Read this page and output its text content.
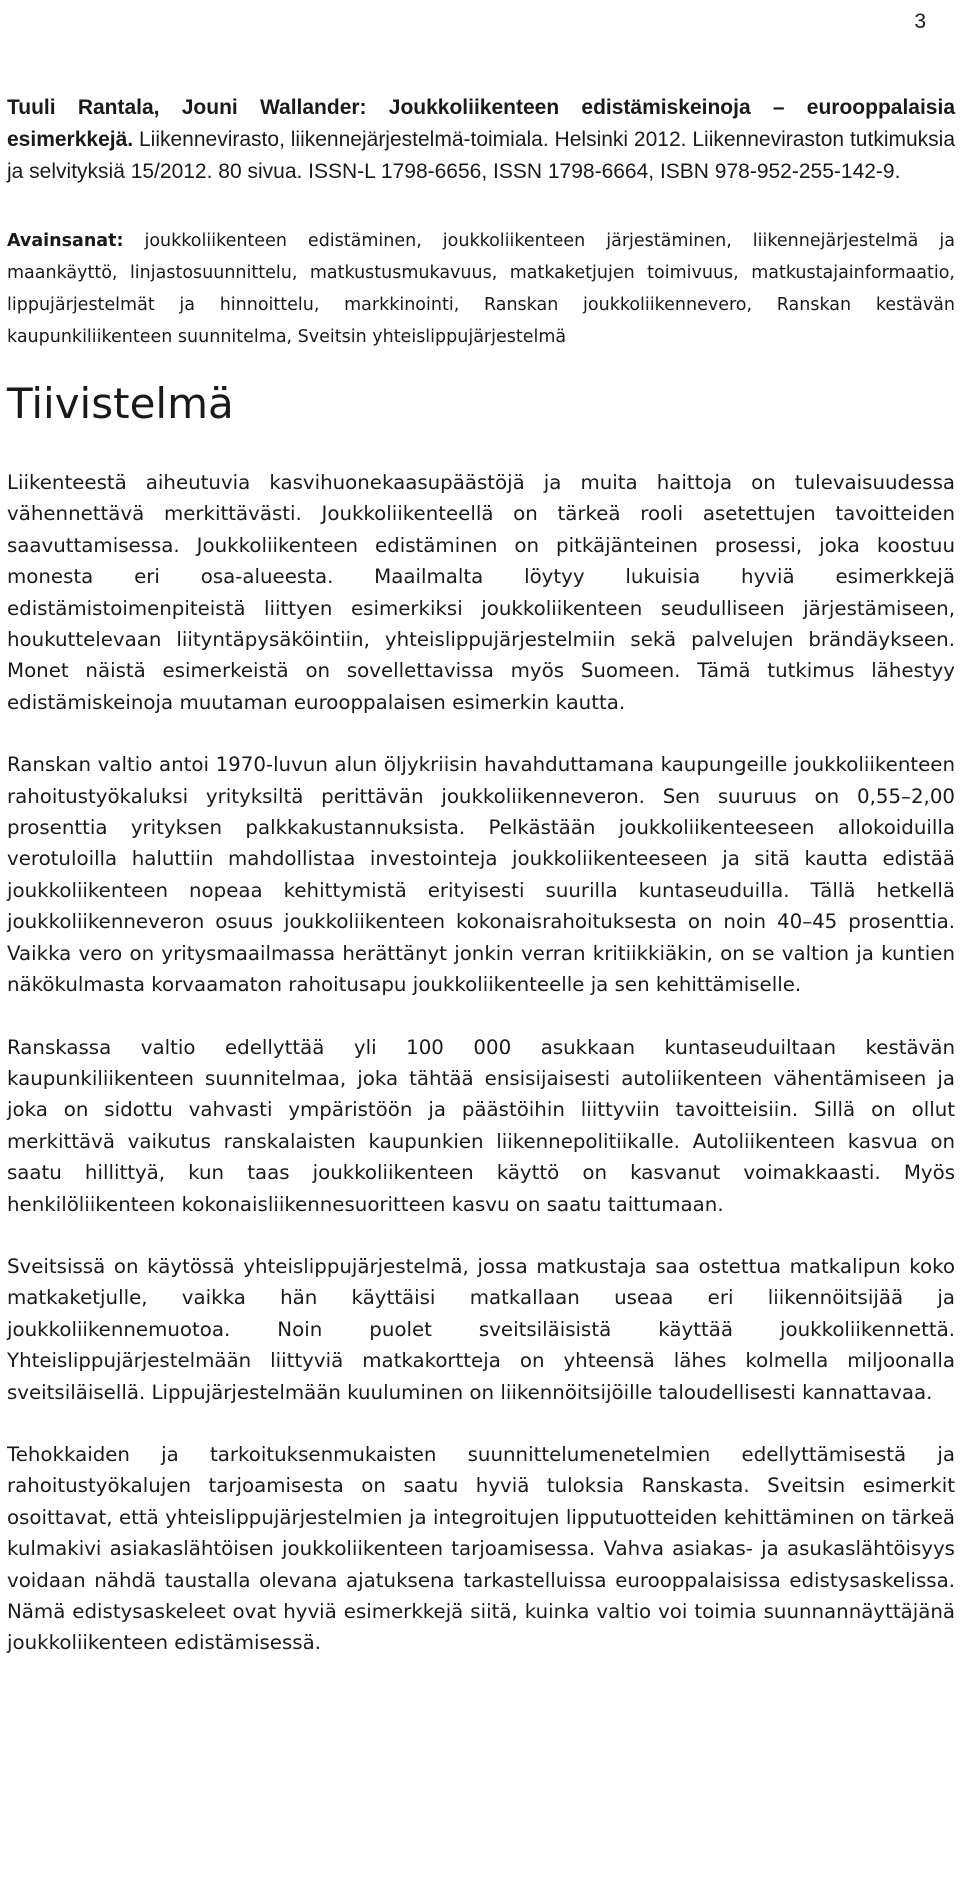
3

Tuuli Rantala, Jouni Wallander: Joukkoliikenteen edistämiskeinoja – eurooppalaisia esimerkkejä. Liikennevirasto, liikennejärjestelmä-toimiala. Helsinki 2012. Liikenneviraston tutkimuksia ja selvityksiä 15/2012. 80 sivua. ISSN-L 1798-6656, ISSN 1798-6664, ISBN 978-952-255-142-9.

Avainsanat: joukkoliikenteen edistäminen, joukkoliikenteen järjestäminen, liikennejärjestelmä ja maankäyttö, linjastosuunnittelu, matkustusmukavuus, matkaketjujen toimivuus, matkustajainformaatio, lippujärjestelmät ja hinnoittelu, markkinointi, Ranskan joukkoliikennevero, Ranskan kestävän kaupunkiliikenteen suunnitelma, Sveitsin yhteislippujärjestelmä

Tiivistelmä

Liikenteestä aiheutuvia kasvihuonekaasupäästöjä ja muita haittoja on tulevaisuudessa vähennettävä merkittävästi. Joukkoliikenteellä on tärkeä rooli asetettujen tavoitteiden saavuttamisessa. Joukkoliikenteen edistäminen on pitkäjänteinen prosessi, joka koostuu monesta eri osa-alueesta. Maailmalta löytyy lukuisia hyviä esimerkkejä edistämistoimenpiteistä liittyen esimerkiksi joukkoliikenteen seudulliseen järjestämiseen, houkuttelevaan liityntäpysäköintiin, yhteislippujärjestelmiin sekä palvelujen brändäykseen. Monet näistä esimerkeistä on sovellettavissa myös Suomeen. Tämä tutkimus lähestyy edistämiskeinoja muutaman eurooppalaisen esimerkin kautta.

Ranskan valtio antoi 1970-luvun alun öljykriisin havahduttamana kaupungeille joukkoliikenteen rahoitustyökaluksi yrityksiltä perittävän joukkoliikenneveron. Sen suuruus on 0,55–2,00 prosenttia yrityksen palkkakustannuksista. Pelkästään joukkoliikenteeseen allokoiduilla verotuloilla haluttiin mahdollistaa investointeja joukkoliikenteeseen ja sitä kautta edistää joukkoliikenteen nopeaa kehittymistä erityisesti suurilla kuntaseuduilla. Tällä hetkellä joukkoliikenneveron osuus joukkoliikenteen kokonaisrahoituksesta on noin 40–45 prosenttia. Vaikka vero on yritysmaailmassa herättänyt jonkin verran kritiikkiäkin, on se valtion ja kuntien näkökulmasta korvaamaton rahoitusapu joukkoliikenteelle ja sen kehittämiselle.

Ranskassa valtio edellyttää yli 100 000 asukkaan kuntaseuduiltaan kestävän kaupunkiliikenteen suunnitelmaa, joka tähtää ensisijaisesti autoliikenteen vähentämiseen ja joka on sidottu vahvasti ympäristöön ja päästöihin liittyviin tavoitteisiin. Sillä on ollut merkittävä vaikutus ranskalaisten kaupunkien liikennepolitiikalle. Autoliikenteen kasvua on saatu hillittyä, kun taas joukkoliikenteen käyttö on kasvanut voimakkaasti. Myös henkilöliikenteen kokonaisliikennesuoritteen kasvu on saatu taittumaan.

Sveitsissä on käytössä yhteislippujärjestelmä, jossa matkustaja saa ostettua matkalipun koko matkaketjulle, vaikka hän käyttäisi matkallaan useaa eri liikennöitsijää ja joukkoliikennemuotoa. Noin puolet sveitsiläisistä käyttää joukkoliikennettä. Yhteislippujärjestelmään liittyviä matkakortteja on yhteensä lähes kolmella miljoonalla sveitsiläisellä. Lippujärjestelmään kuuluminen on liikennöitsijöille taloudellisesti kannattavaa.

Tehokkaiden ja tarkoituksenmukaisten suunnittelumenetelmien edellyttämisestä ja rahoitustyökalujen tarjoamisesta on saatu hyviä tuloksia Ranskasta. Sveitsin esimerkit osoittavat, että yhteislippujärjestelmien ja integroitujen lipputuotteiden kehittäminen on tärkeä kulmakivi asiakaslähtöisen joukkoliikenteen tarjoamisessa. Vahva asiakas- ja asukaslähtöisyys voidaan nähdä taustalla olevana ajatuksena tarkastelluissa eurooppalaisissa edistysaskelissa. Nämä edistysaskeleet ovat hyviä esimerkkejä siitä, kuinka valtio voi toimia suunnannäyttäjänä joukkoliikenteen edistämisessä.
